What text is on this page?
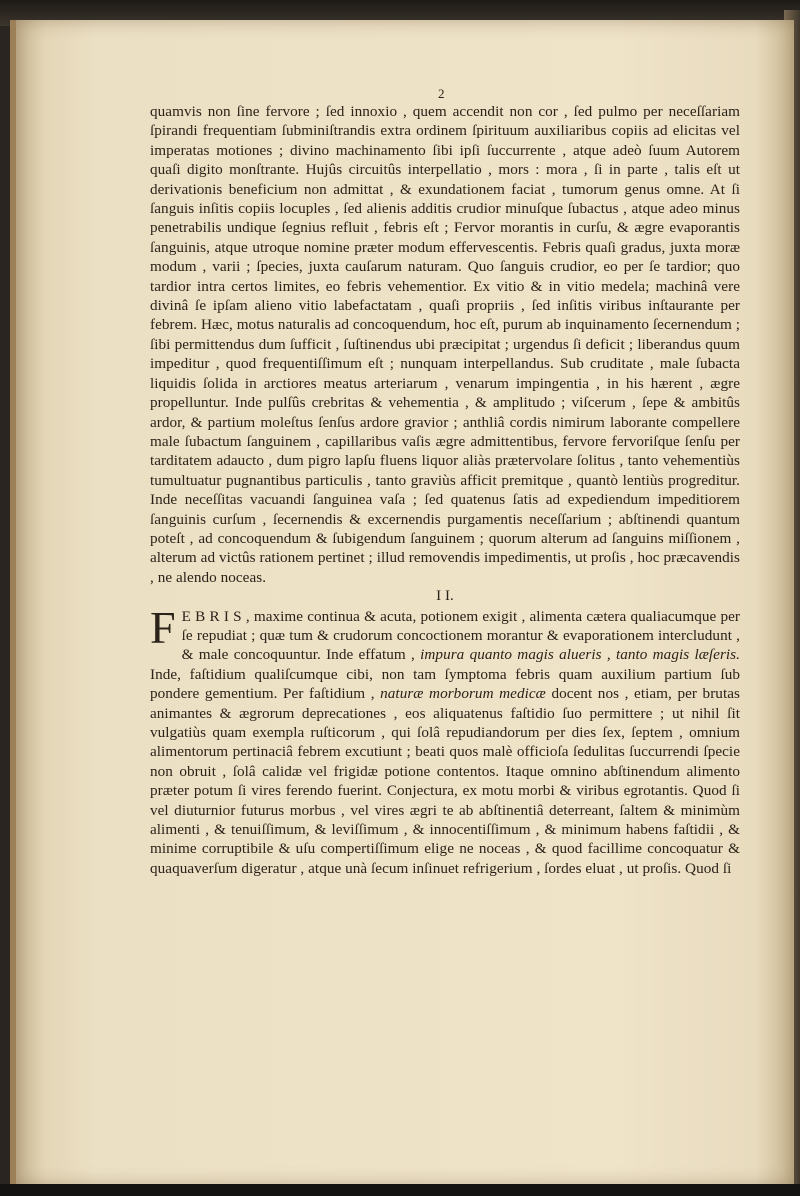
2

quamvis non ſine fervore ; ſed innoxio , quem accendit non cor , ſed pulmo per neceſſariam ſpirandi frequentiam ſubminiſtrandis extra ordinem ſpirituum auxiliaribus copiis ad elicitas vel imperatas motiones ; divino machinamento ſibi ipſi ſuccurrente , atque adeò ſuum Autorem quaſi digito monſtrante. Hujûs circuitûs interpellatio , mors : mora , ſi in parte , talis eſt ut derivationis beneficium non admittat , & exundationem faciat , tumorum genus omne. At ſi ſanguis inſitis copiis locuples , ſed alienis additis crudior minuſque ſubactus , atque adeo minus penetrabilis undique ſegnius refluit , febris eſt ; Fervor morantis in curſu, & ægre evaporantis ſanguinis, atque utroque nomine præter modum effervescentis. Febris quaſi gradus, juxta moræ modum , varii ; ſpecies, juxta cauſarum naturam. Quo ſanguis crudior, eo per ſe tardior; quo tardior intra certos limites, eo febris vehementior. Ex vitio & in vitio medela; machinâ vere divinâ ſe ipſam alieno vitio labefactatam , quaſi propriis , ſed inſitis viribus inſtaurante per febrem. Hæc, motus naturalis ad concoquendum, hoc eſt, purum ab inquinamento ſecernendum ; ſibi permittendus dum ſufficit , ſuſtinendus ubi præcipitat ; urgendus ſi deficit ; liberandus quum impeditur , quod frequentiſſimum eſt ; nunquam interpellandus. Sub cruditate , male ſubacta liquidis ſolida in arctiores meatus arteriarum , venarum impingentia , in his hærent , ægre propelluntur. Inde pulſûs crebritas & vehementia , & amplitudo ; viſcerum , ſepe & ambitûs ardor, & partium moleſtus ſenſus ardore gravior ; anthliâ cordis nimirum laborante compellere male ſubactum ſanguinem , capillaribus vaſis ægre admittentibus, fervore fervoriſque ſenſu per tarditatem adaucto , dum pigro lapſu fluens liquor aliàs prætervolare ſolitus , tanto vehementiùs tumultuatur pugnantibus particulis , tanto graviùs afficit premitque , quantò lentiùs progreditur. Inde neceſſitas vacuandi ſanguinea vaſa ; ſed quatenus ſatis ad expediendum impeditiorem ſanguinis curſum , ſecernendis & excernendis purgamentis neceſſarium ; abſtinendi quantum poteſt , ad concoquendum & ſubigendum ſanguinem ; quorum alterum ad ſanguins miſſionem , alterum ad victûs rationem pertinet ; illud removendis impedimentis, ut proſis , hoc præcavendis , ne alendo noceas.

I I.

F E B R I S , maxime continua & acuta, potionem exigit , alimenta cætera qualiacumque per ſe repudiat ; quæ tum & crudorum concoctionem morantur & evaporationem intercludunt , & male concoquuntur. Inde effatum , impura quanto magis alueris , tanto magis læſeris. Inde, faſtidium qualiſcumque cibi, non tam ſymptoma febris quam auxilium partium ſub pondere gementium. Per faſtidium , naturæ morborum medicæ docent nos , etiam, per brutas animantes & ægrorum deprecationes , eos aliquatenus faſtidio ſuo permittere ; ut nihil ſit vulgatiùs quam exempla ruſticorum , qui ſolâ repudiandorum per dies ſex, ſeptem , omnium alimentorum pertinaciâ febrem excutiunt ; beati quos malè officioſa ſedulitas ſuccurrendi ſpecie non obruit , ſolâ calidæ vel frigidæ potione contentos. Itaque omnino abſtinendum alimento præter potum ſi vires ferendo fuerint. Conjectura, ex motu morbi & viribus egrotantis. Quod ſi vel diuturnior futurus morbus , vel vires ægri te ab abſtinentiâ deterreant, ſaltem & minimùm alimenti , & tenuiſſimum, & leviſſimum , & innocentiſſimum , & minimum habens faſtidii , & minime corruptibile & uſu compertiſſimum elige ne noceas , & quod facillime concoquatur & quaquaverſum digeratur , atque unà ſecum inſinuet refrigerium , ſordes eluat , ut proſis. Quod ſi
